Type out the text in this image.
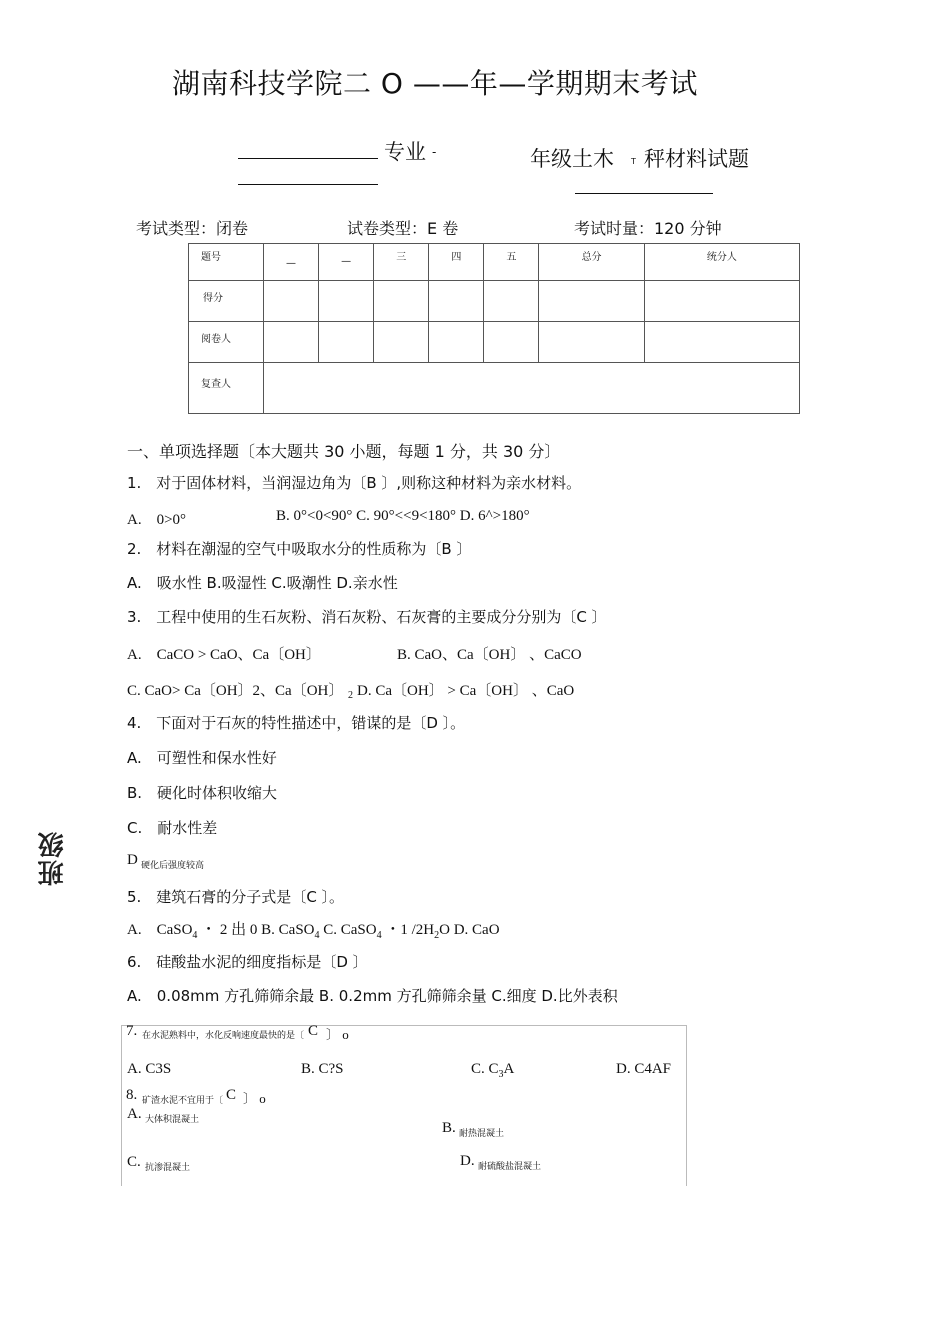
湖南科技学院二 O ——年—学期期末考试
专业 -	年级土木 T 秤材料试题
考试类型：闭卷	试卷类型：E 卷	考试时量：120 分钟
题号	—	—	三	四	五	总分	统分人
得分							
阅卷人							
复查人							
一、单项选择题〔本大题共 30 小题，每题 1 分，共 30 分〕
1.　对于固体材料，当润湿边角为〔B 〕,则称这种材料为亲水材料。
A.　0>0°	B. 0°<0<90° C. 90°<<9<180° D. 6^>180°
2.　材料在潮湿的空气中吸取水分的性质称为〔B 〕
A.　吸水性 B.吸湿性 C.吸潮性 D.亲水性
3.　工程中使用的生石灰粉、消石灰粉、石灰膏的主要成分分别为〔C 〕
A.　CaCO > CaO、Ca〔OH〕	B. CaO、Ca〔OH〕 、CaCO
C. CaO> Ca〔OH〕2、Ca〔OH〕 2 D. Ca〔OH〕 > Ca〔OH〕 、CaO
4.　下面对于石灰的特性描述中，错谋的是〔D 〕。
A.　可塑性和保水性好
B.　硬化时体积收缩大
C.　耐水性差
D 硬化后强度较高
5.　建筑石膏的分子式是〔C 〕。
A.　CaSO$_4$ ・ 2 出 0 B. CaSO$_4$ C. CaSO$_4$ ・1 $/2H_2O$ D. CaO
6.　硅酸盐水泥的细度指标是〔D 〕
A.　0.08mm 方孔筛筛余最 B. 0.2mm 方孔筛筛余量 C.细度 D.比外表积
7. 在水泥熟料中，水化反响速度最快的是〔 C 〕 o
A. C3S	B. C?S	C. $C_3A$	D. C4AF
8. 矿渣水泥不宜用于〔 C 〕 o
A. 大体积混凝土	B. 耐热混凝土
C. 抗渗混凝土	D. 耐硫酸盐混凝土
班级
